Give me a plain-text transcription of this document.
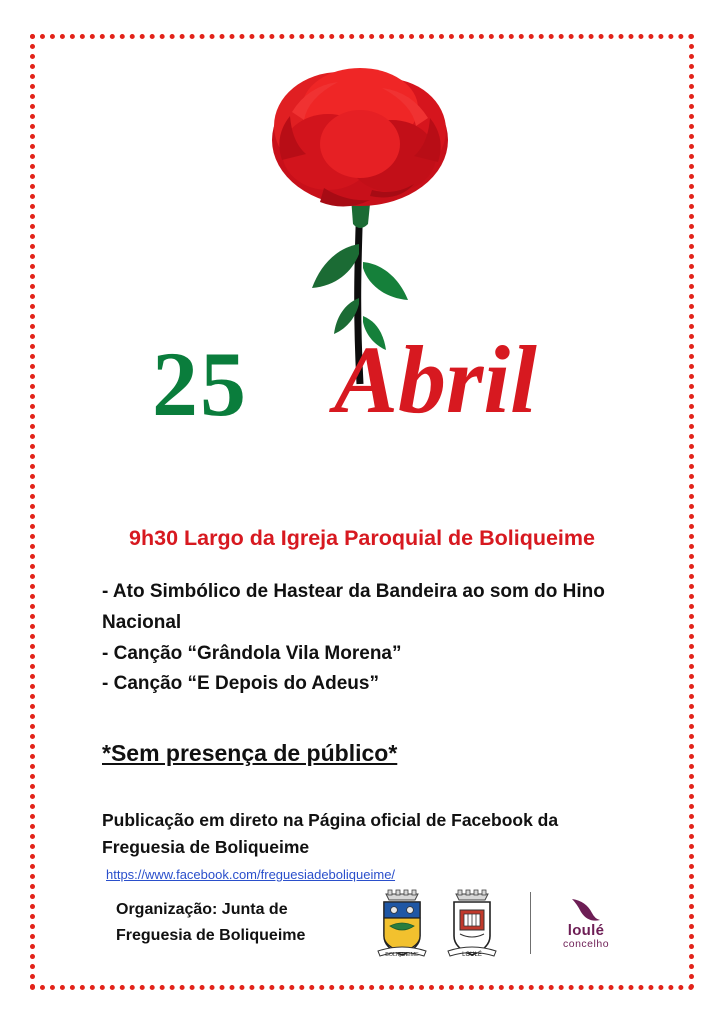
25 Abril
9h30 Largo da Igreja Paroquial de Boliqueime
- Ato Simbólico de Hastear da Bandeira ao som do Hino
Nacional
- Canção “Grândola Vila Morena”
- Canção “E Depois do Adeus”
*Sem presença de público*
Publicação em direto na Página oficial de Facebook da Freguesia de Boliqueime
https://www.facebook.com/freguesiadeboliqueime/
Organização: Junta de
Freguesia de Boliqueime
BOLIQUEIME	LOULÉ
loulé
concelho
